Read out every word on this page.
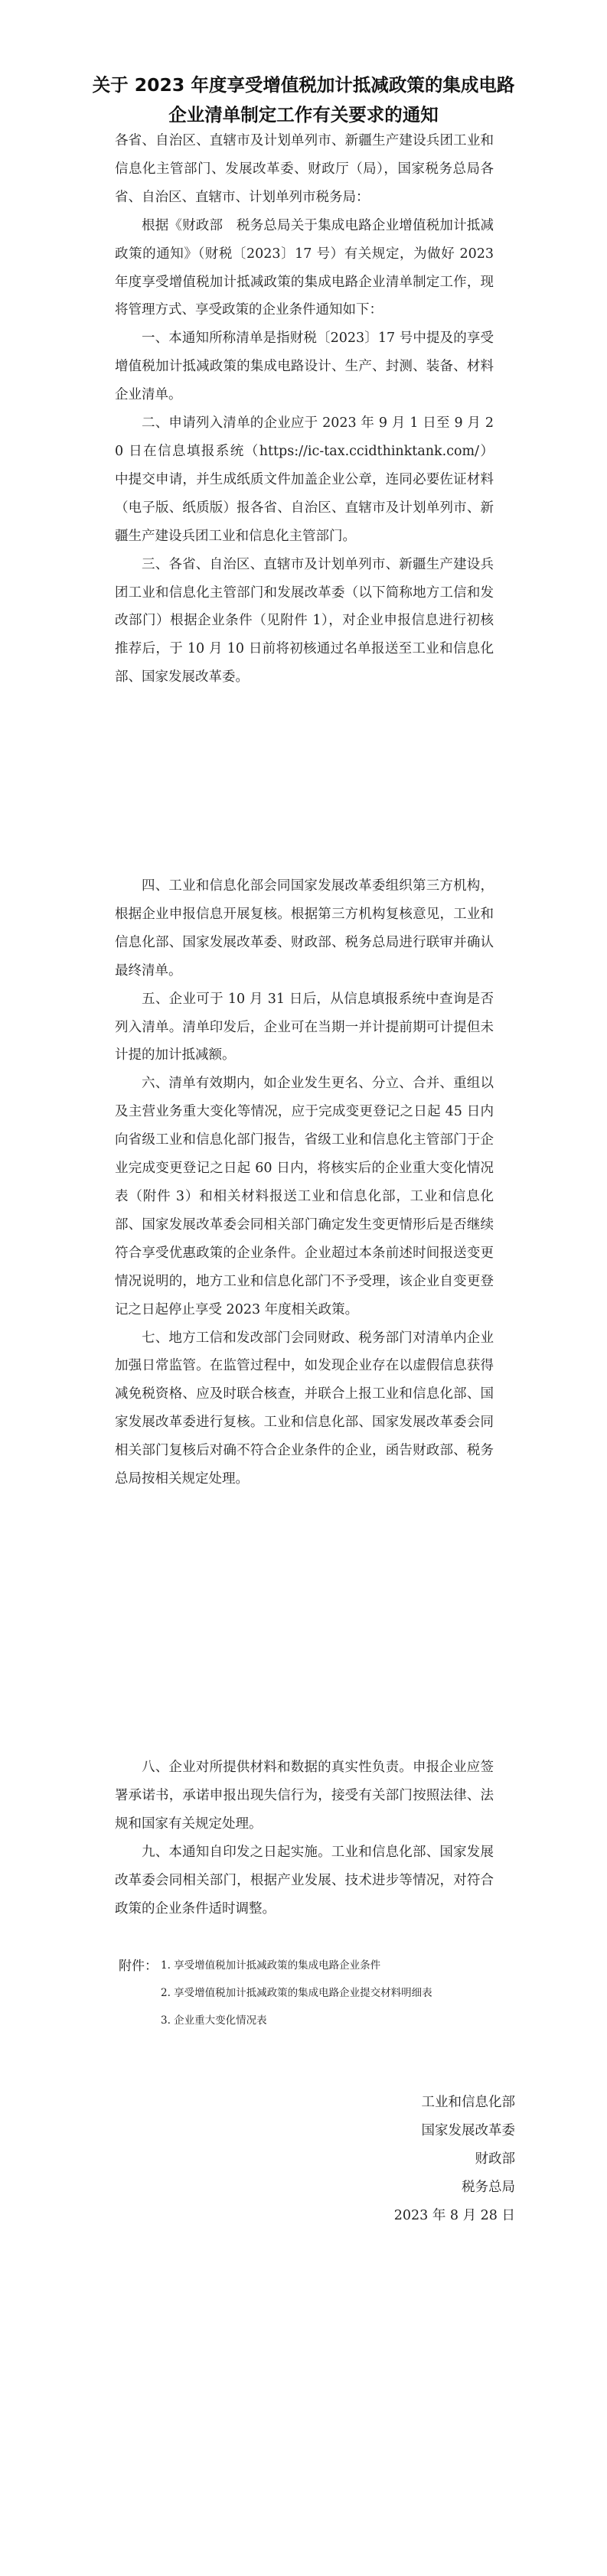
关于 2023 年度享受增值税加计抵减政策的集成电路
企业清单制定工作有关要求的通知

各省、自治区、直辖市及计划单列市、新疆生产建设兵团工业和信息化主管部门、发展改革委、财政厅（局），国家税务总局各省、自治区、直辖市、计划单列市税务局：

根据《财政部　税务总局关于集成电路企业增值税加计抵减政策的通知》（财税〔2023〕17 号）有关规定，为做好 2023 年度享受增值税加计抵减政策的集成电路企业清单制定工作，现将管理方式、享受政策的企业条件通知如下：

一、本通知所称清单是指财税〔2023〕17 号中提及的享受增值税加计抵减政策的集成电路设计、生产、封测、装备、材料企业清单。

二、申请列入清单的企业应于 2023 年 9 月 1 日至 9 月 20 日在信息填报系统（https://ic-tax.ccidthinktank.com/）中提交申请，并生成纸质文件加盖企业公章，连同必要佐证材料（电子版、纸质版）报各省、自治区、直辖市及计划单列市、新疆生产建设兵团工业和信息化主管部门。

三、各省、自治区、直辖市及计划单列市、新疆生产建设兵团工业和信息化主管部门和发展改革委（以下简称地方工信和发改部门）根据企业条件（见附件 1），对企业申报信息进行初核推荐后，于 10 月 10 日前将初核通过名单报送至工业和信息化部、国家发展改革委。

四、工业和信息化部会同国家发展改革委组织第三方机构，根据企业申报信息开展复核。根据第三方机构复核意见，工业和信息化部、国家发展改革委、财政部、税务总局进行联审并确认最终清单。

五、企业可于 10 月 31 日后，从信息填报系统中查询是否列入清单。清单印发后，企业可在当期一并计提前期可计提但未计提的加计抵减额。

六、清单有效期内，如企业发生更名、分立、合并、重组以及主营业务重大变化等情况，应于完成变更登记之日起 45 日内向省级工业和信息化部门报告，省级工业和信息化主管部门于企业完成变更登记之日起 60 日内，将核实后的企业重大变化情况表（附件 3）和相关材料报送工业和信息化部，工业和信息化部、国家发展改革委会同相关部门确定发生变更情形后是否继续符合享受优惠政策的企业条件。企业超过本条前述时间报送变更情况说明的，地方工业和信息化部门不予受理，该企业自变更登记之日起停止享受 2023 年度相关政策。

七、地方工信和发改部门会同财政、税务部门对清单内企业加强日常监管。在监管过程中，如发现企业存在以虚假信息获得减免税资格、应及时联合核查，并联合上报工业和信息化部、国家发展改革委进行复核。工业和信息化部、国家发展改革委会同相关部门复核后对确不符合企业条件的企业，函告财政部、税务总局按相关规定处理。

八、企业对所提供材料和数据的真实性负责。申报企业应签署承诺书，承诺申报出现失信行为，接受有关部门按照法律、法规和国家有关规定处理。

九、本通知自印发之日起实施。工业和信息化部、国家发展改革委会同相关部门，根据产业发展、技术进步等情况，对符合政策的企业条件适时调整。

附件： 1. 享受增值税加计抵减政策的集成电路企业条件
2. 享受增值税加计抵减政策的集成电路企业提交材料明细表
3. 企业重大变化情况表
工业和信息化部
国家发展改革委
财政部
税务总局
2023 年 8 月 28 日
